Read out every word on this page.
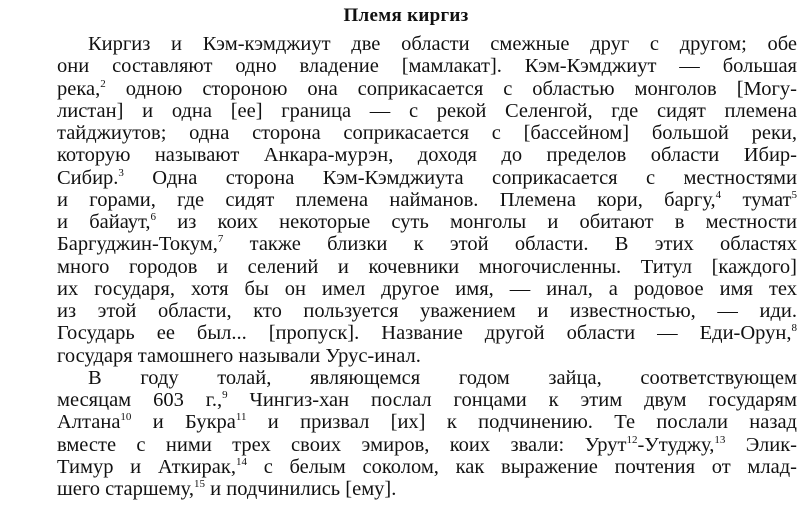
Племя киргиз
Киргиз и Кэм-кэмджиут две области смежные друг с другом; обе
они составляют одно владение [мамлакат]. Кэм-Кэмджиут — большая
река,$^2$ одною стороною она соприкасается с областью монголов [Могу-
листан] и одна [ее] граница — с рекой Селенгой, где сидят племена
тайджиутов; одна сторона соприкасается с [бассейном] большой реки,
которую называют Анкара-мурэн, доходя до пределов области Ибир-
Сибир.$^3$ Одна сторона Кэм-Кэмджиута соприкасается с местностями
и горами, где сидят племена найманов. Племена кори, баргу,$^4$ тумат$^5$
и байаут,$^6$ из коих некоторые суть монголы и обитают в местности
Баргуджин-Токум,$^7$ также близки к этой области. В этих областях
много городов и селений и кочевники многочисленны. Титул [каждого]
их государя, хотя бы он имел другое имя, — инал, а родовое имя тех
из этой области, кто пользуется уважением и известностью, — иди.
Государь ее был... [пропуск]. Название другой области — Еди-Орун,$^8$
государя тамошнего называли Урус-инал.
В году толай, являющемся годом зайца, соответствующем
месяцам 603 г.,$^9$ Чингиз-хан послал гонцами к этим двум государям
Алтана$^{10}$ и Букра$^{11}$ и призвал [их] к подчинению. Те послали назад
вместе с ними трех своих эмиров, коих звали: Урут$^{12}$-Утуджу,$^{13}$ Элик-
Тимур и Аткирак,$^{14}$ с белым соколом, как выражение почтения от млад-
шего старшему,$^{15}$ и подчинились [ему].
